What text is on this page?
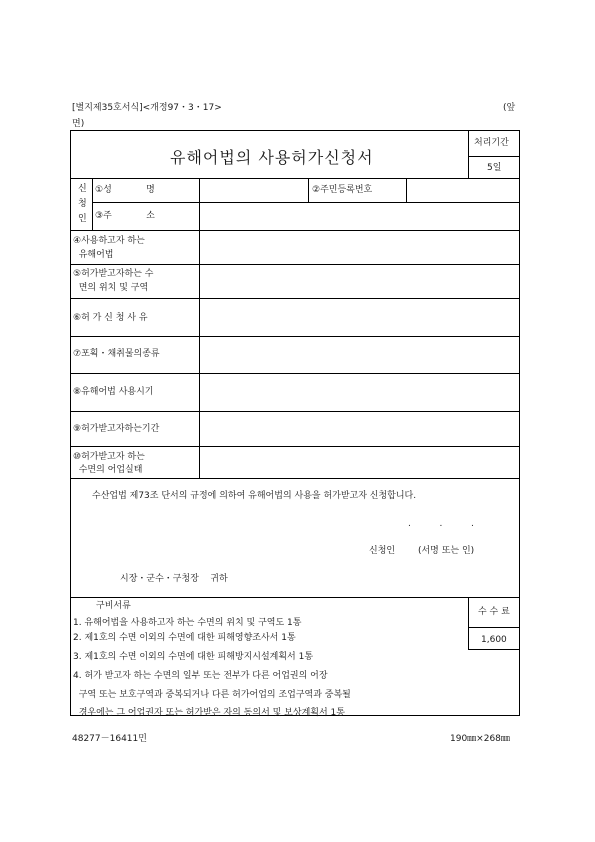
[별지제35호서식]<개정97・3・17>	(앞
면)
유해어법의 사용허가신청서
처리기간
5일
신
청
인
①성            명	②주민등록번호
③주            소
④사용하고자 하는
유해어법
⑤허가받고자하는 수
면의 위치 및 구역
⑥허 가 신 청 사 유
⑦포획・채취물의종류
⑧유해어법 사용시기
⑨허가받고자하는기간
⑩허가받고자 하는
수면의 어업실태
수산업법 제73조 단서의 규정에 의하여 유해어법의 사용을 허가받고자 신청합니다.
.          .          .
신청인        (서명 또는 인)
시장・군수・구청장    귀하
구비서류
1. 유해어법을 사용하고자 하는 수면의 위치 및 구역도 1통
2. 제1호의 수면 이외의 수면에 대한 피해영향조사서 1통
3. 제1호의 수면 이외의 수면에 대한 피해방지시설계획서 1통
4. 허가 받고자 하는 수면의 일부 또는 전부가 다른 어업권의 어장
구역 또는 보호구역과 중복되거나 다른 허가어업의 조업구역과 중복될
경우에는 그 어업권자 또는 허가받은 자의 동의서 및 보상계획서 1통
수 수 료
1,600
48277－16411민	190㎜×268㎜
